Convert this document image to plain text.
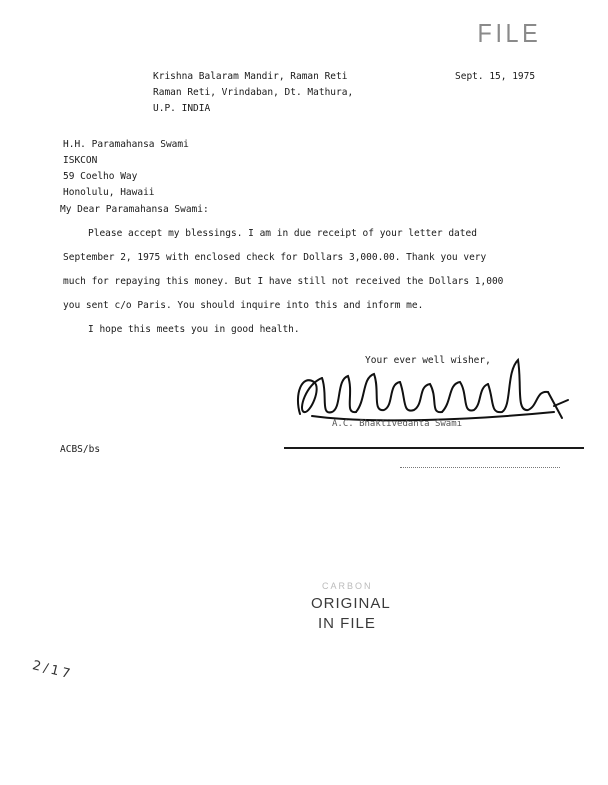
FILE
Krishna Balaram Mandir, Raman Reti
Raman Reti, Vrindaban, Dt. Mathura,
U.P. INDIA
Sept. 15, 1975
H.H. Paramahansa Swami
ISKCON
59 Coelho Way
Honolulu, Hawaii
My Dear Paramahansa Swami:
Please accept my blessings. I am in due receipt of your letter dated
September 2, 1975 with enclosed check for Dollars 3,000.00. Thank you very
much for repaying this money. But I have still not received the Dollars 1,000
you sent c/o Paris. You should inquire into this and inform me.
I hope this meets you in good health.
Your ever well wisher,
A.C. Bhaktivedanta Swami
ACBS/bs
CARBON
ORIGINAL
IN FILE
2/17
